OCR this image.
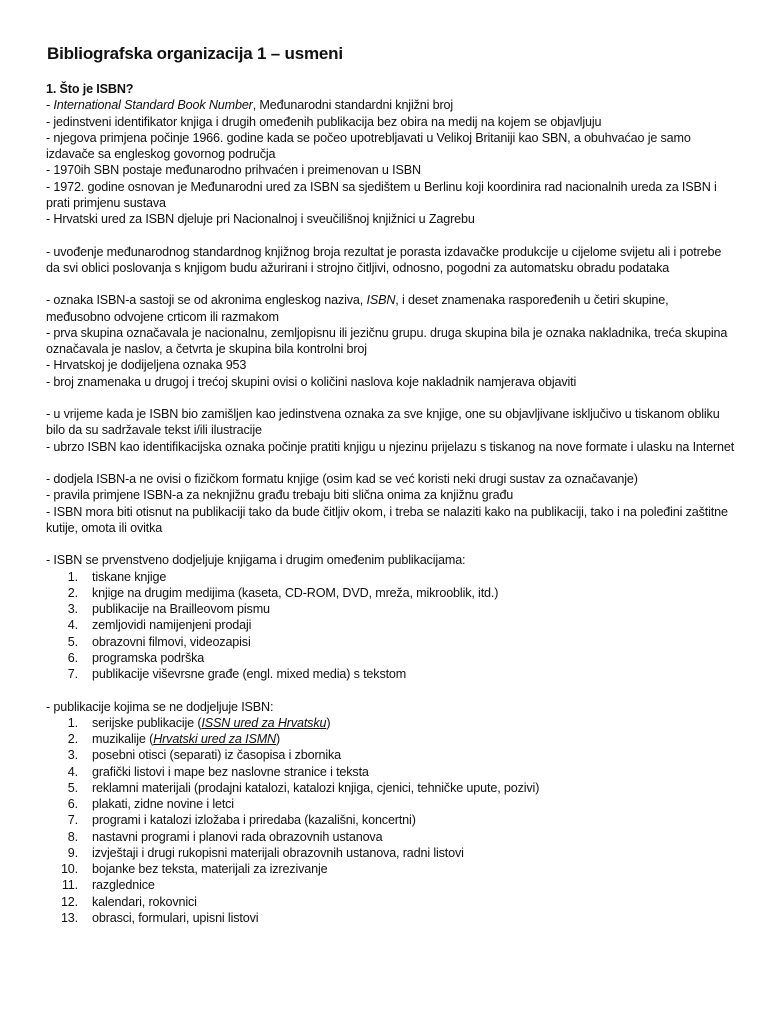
Bibliografska organizacija 1 – usmeni

1. Što je ISBN?

- International Standard Book Number, Međunarodni standardni knjižni broj

- jedinstveni identifikator knjiga i drugih omeđenih publikacija bez obira na medij na kojem se objavljuju

- njegova primjena počinje 1966. godine kada se počeo upotrebljavati u Velikoj Britaniji kao SBN, a obuhvaćao je samo izdavače sa engleskog govornog područja

- 1970ih SBN postaje međunarodno prihvaćen i preimenovan u ISBN

- 1972. godine osnovan je Međunarodni ured za ISBN sa sjedištem u Berlinu koji koordinira rad nacionalnih ureda za ISBN i prati primjenu sustava

- Hrvatski ured za ISBN djeluje pri Nacionalnoj i sveučilišnoj knjižnici u Zagrebu

- uvođenje međunarodnog standardnog knjižnog broja rezultat je porasta izdavačke produkcije u cijelome svijetu ali i potrebe da svi oblici poslovanja s knjigom budu ažurirani i strojno čitljivi, odnosno, pogodni za automatsku obradu podataka

- oznaka ISBN-a sastoji se od akronima engleskog naziva, ISBN, i deset znamenaka raspoređenih u četiri skupine, međusobno odvojene crticom ili razmakom

- prva skupina označavala je nacionalnu, zemljopisnu ili jezičnu grupu. druga skupina bila je oznaka nakladnika, treća skupina označavala je naslov, a četvrta je skupina bila kontrolni broj

- Hrvatskoj je dodijeljena oznaka 953

- broj znamenaka u drugoj i trećoj skupini ovisi o količini naslova koje nakladnik namjerava objaviti

- u vrijeme kada je ISBN bio zamišljen kao jedinstvena oznaka za sve knjige, one su objavljivane isključivo u tiskanom obliku bilo da su sadržavale tekst i/ili ilustracije

- ubrzo ISBN kao identifikacijska oznaka počinje pratiti knjigu u njezinu prijelazu s tiskanog na nove formate i ulasku na Internet

- dodjela ISBN-a ne ovisi o fizičkom formatu knjige (osim kad se već koristi neki drugi sustav za označavanje)

- pravila primjene ISBN-a za neknjižnu građu trebaju biti slična onima za knjižnu građu

- ISBN mora biti otisnut na publikaciji tako da bude čitljiv okom, i treba se nalaziti kako na publikaciji, tako i na poleđini zaštitne kutije, omota ili ovitka

- ISBN se prvenstveno dodjeljuje knjigama i drugim omeđenim publikacijama:

1.	tiskane knjige
2.	knjige na drugim medijima (kaseta, CD-ROM, DVD, mreža, mikrooblik, itd.)
3.	publikacije na Brailleovom pismu
4.	zemljovidi namijenjeni prodaji
5.	obrazovni filmovi, videozapisi
6.	programska podrška
7.	publikacije viševrsne građe (engl. mixed media) s tekstom

- publikacije kojima se ne dodjeljuje ISBN:

1.	serijske publikacije (ISSN ured za Hrvatsku)
2.	muzikalije (Hrvatski ured za ISMN)
3.	posebni otisci (separati) iz časopisa i zbornika
4.	grafički listovi i mape bez naslovne stranice i teksta
5.	reklamni materijali (prodajni katalozi, katalozi knjiga, cjenici, tehničke upute, pozivi)
6.	plakati, zidne novine i letci
7.	programi i katalozi izložaba i priredaba (kazališni, koncertni)
8.	nastavni programi i planovi rada obrazovnih ustanova
9.	izvještaji i drugi rukopisni materijali obrazovnih ustanova, radni listovi
10.	bojanke bez teksta, materijali za izrezivanje
11.	razglednice
12.	kalendari, rokovnici
13.	obrasci, formulari, upisni listovi
